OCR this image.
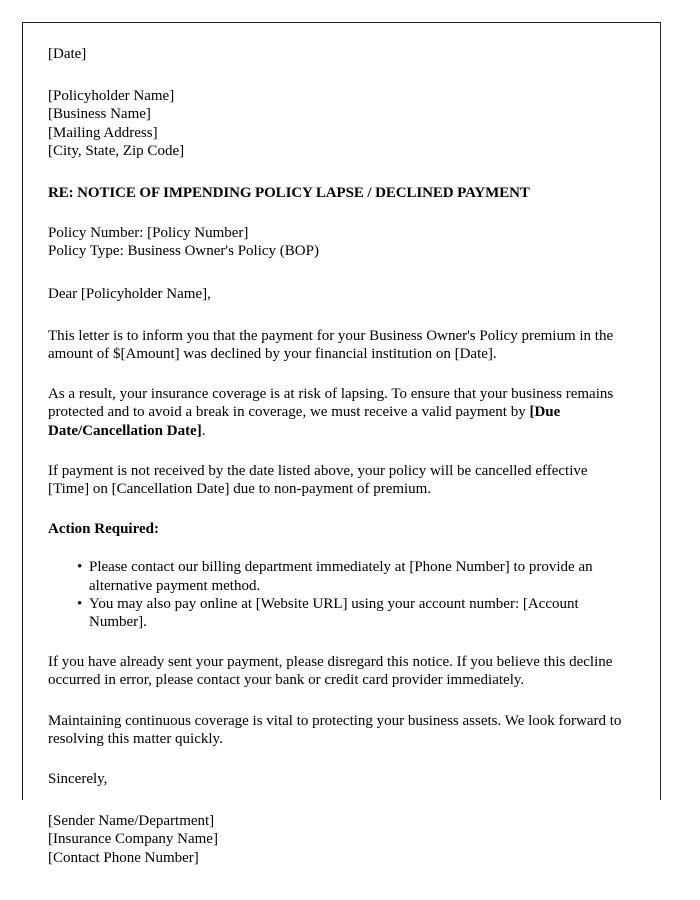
[Date]
[Policyholder Name]
[Business Name]
[Mailing Address]
[City, State, Zip Code]
RE: NOTICE OF IMPENDING POLICY LAPSE / DECLINED PAYMENT
Policy Number: [Policy Number]
Policy Type: Business Owner's Policy (BOP)
Dear [Policyholder Name],

This letter is to inform you that the payment for your Business Owner's Policy premium in the amount of $[Amount] was declined by your financial institution on [Date].

As a result, your insurance coverage is at risk of lapsing. To ensure that your business remains protected and to avoid a break in coverage, we must receive a valid payment by [Due Date/Cancellation Date].

If payment is not received by the date listed above, your policy will be cancelled effective [Time] on [Cancellation Date] due to non-payment of premium.

Action Required:
• Please contact our billing department immediately at [Phone Number] to provide an alternative payment method.
• You may also pay online at [Website URL] using your account number: [Account Number].

If you have already sent your payment, please disregard this notice. If you believe this decline occurred in error, please contact your bank or credit card provider immediately.

Maintaining continuous coverage is vital to protecting your business assets. We look forward to resolving this matter quickly.

Sincerely,
[Sender Name/Department]
[Insurance Company Name]
[Contact Phone Number]
